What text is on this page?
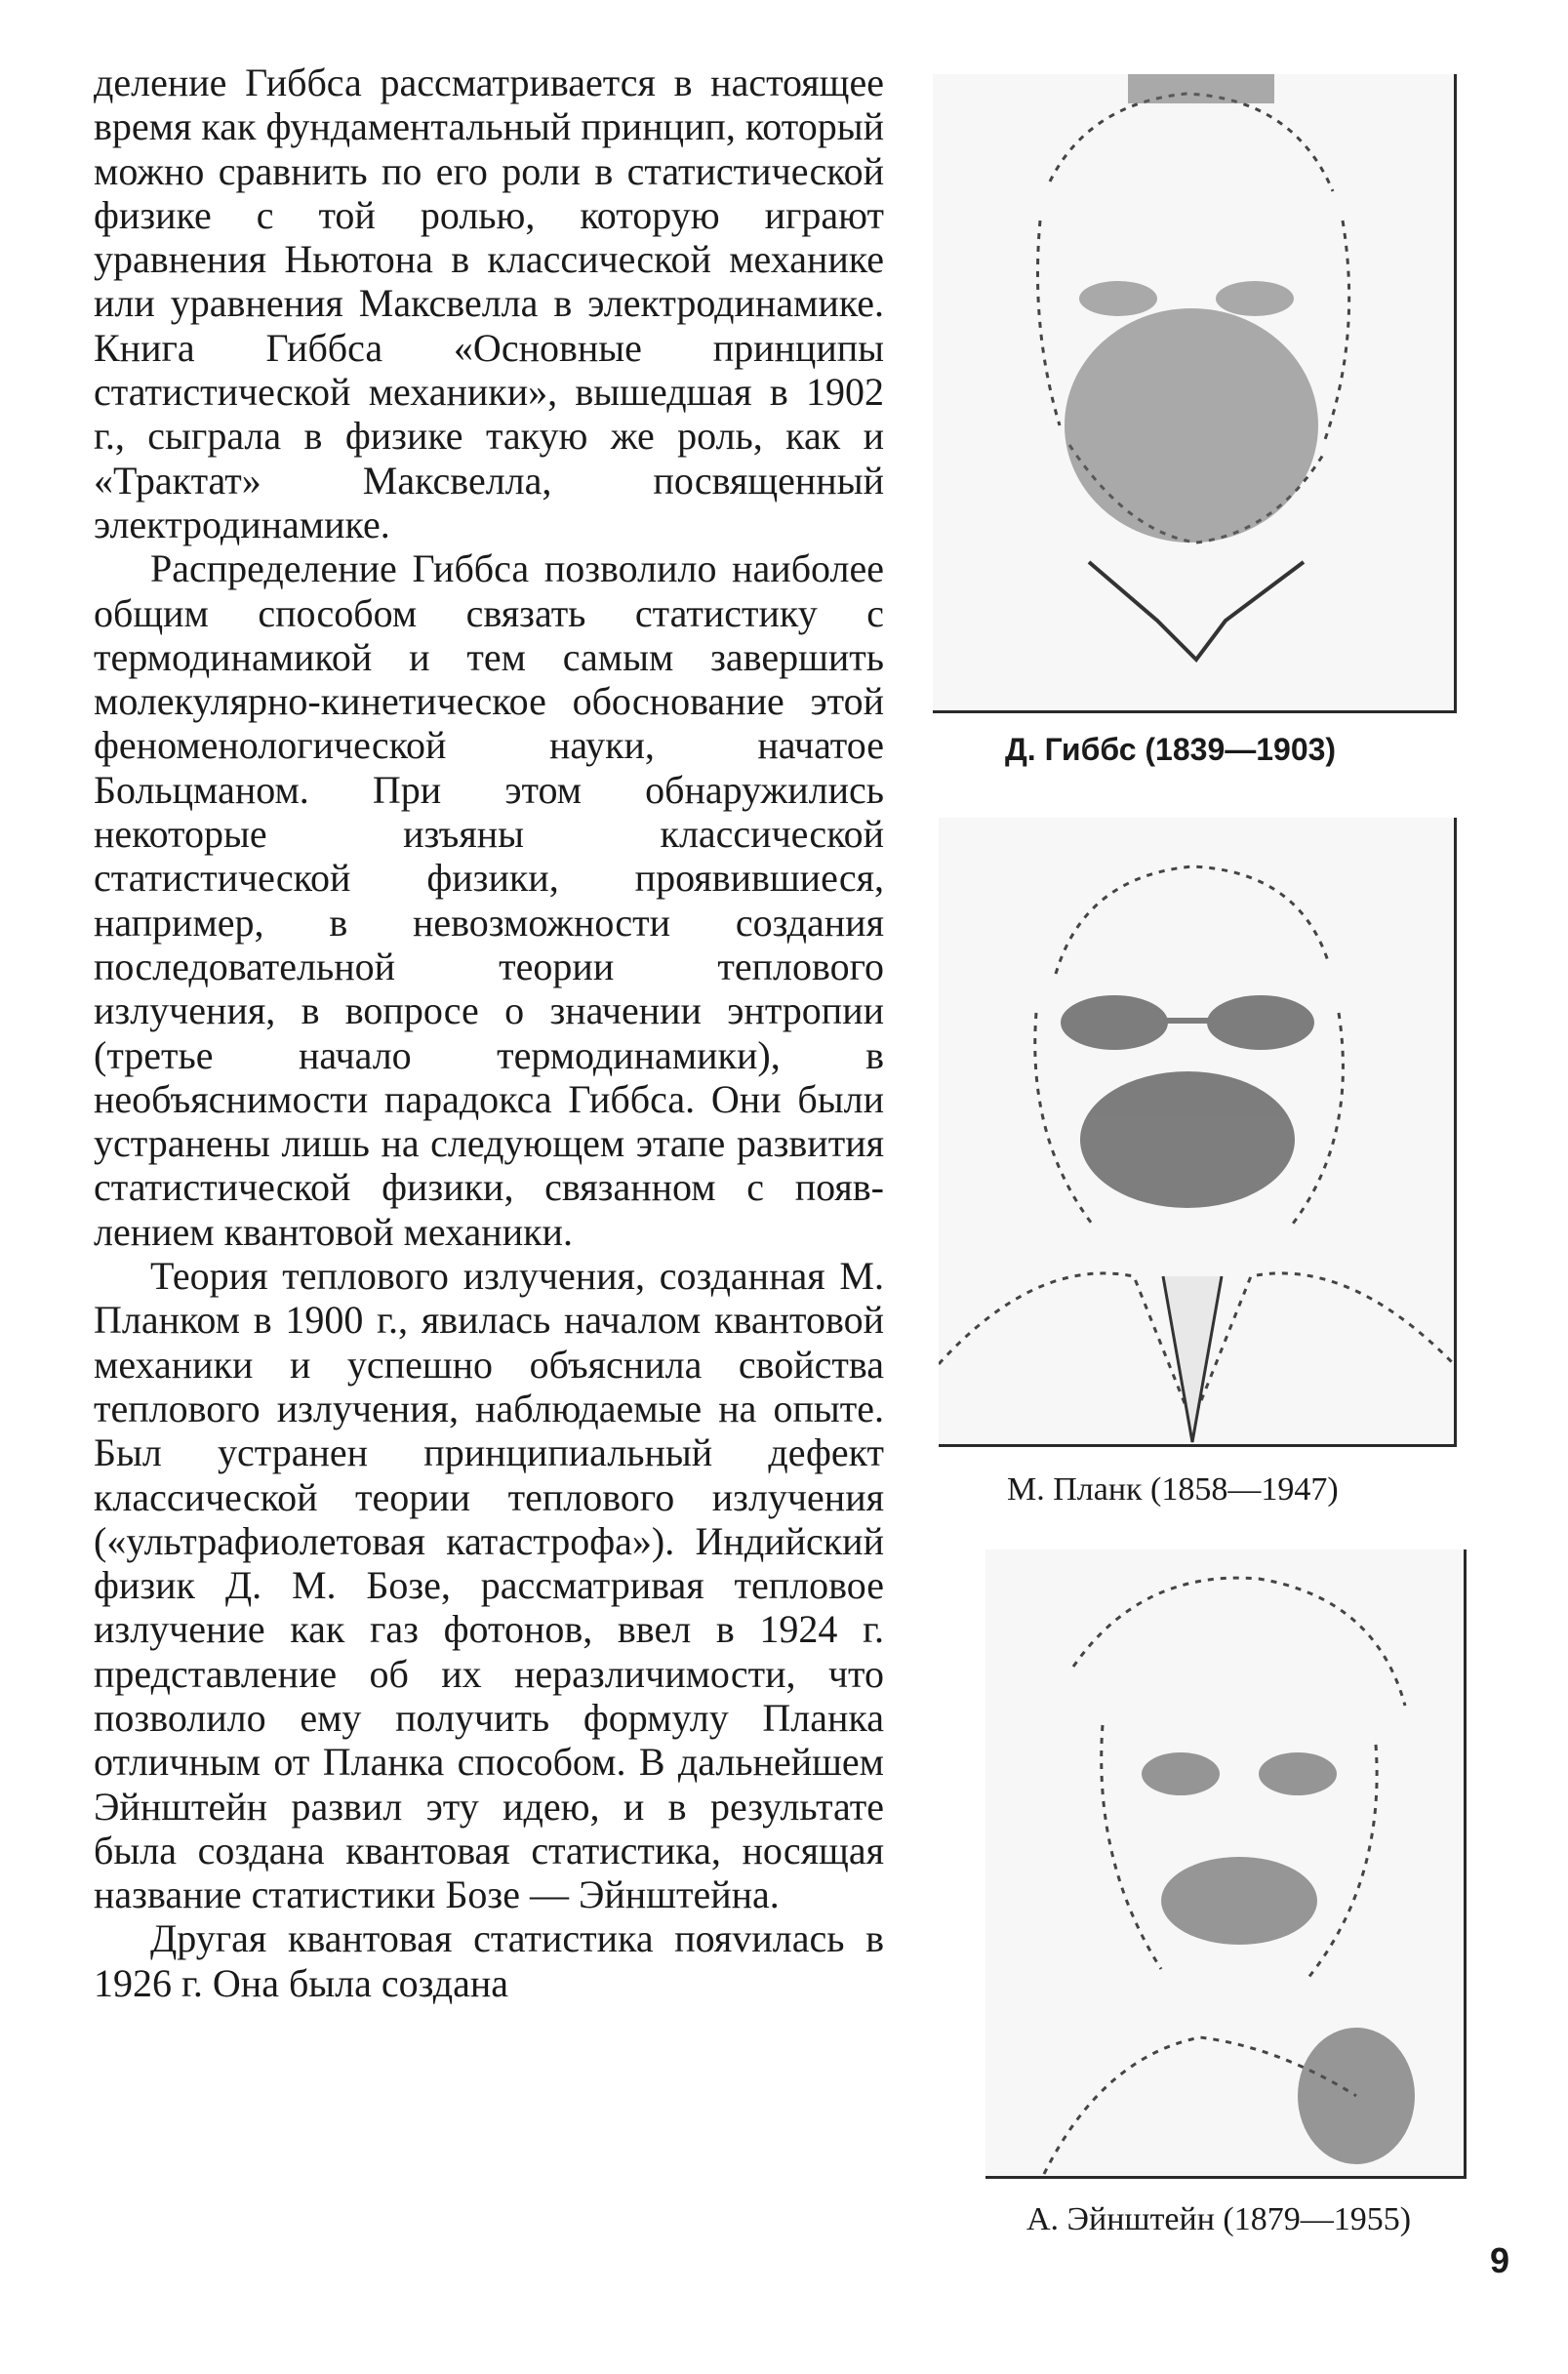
деление Гиббса рассматривается в настоящее время как фундаментальный принцип, который можно сравнить по его роли в статистической физике с той ролью, которую играют уравнения Ньютона в классической механике или уравнения Максвелла в электродинамике. Книга Гиббса «Основные принципы статистической механики», вышедшая в 1902 г., сыграла в физике такую же роль, как и «Трактат» Максвелла, посвященный электродинамике.

Распределение Гиббса позволило наиболее общим способом связать статистику с термодинамикой и тем самым завершить молекулярно-кинетическое обоснование этой феноменологической науки, начатое Больцманом. При этом обнаружились некоторые изъяны классической статистической физики, проявившиеся, например, в невозможности создания последовательной теории теплового излучения, в вопросе о значении энтропии (третье начало термодинамики), в необъяснимости парадокса Гиббса. Они были устранены лишь на следующем этапе развития статистической физики, связанном с появлением квантовой механики.

Теория теплового излучения, созданная М. Планком в 1900 г., явилась началом квантовой механики и успешно объяснила свойства теплового излучения, наблюдаемые на опыте. Был устранен принципиальный дефект классической теории теплового излучения («ультрафиолетовая катастрофа»). Индийский физик Д. М. Бозе, рассматривая тепловое излучение как газ фотонов, ввел в 1924 г. представление об их неразличимости, что позволило ему получить формулу Планка отличным от Планка способом. В дальнейшем Эйнштейн развил эту идею, и в результате была создана квантовая статистика, носящая название статистики Бозе — Эйнштейна.

Другая квантовая статистика пояvилась в 1926 г. Она была создана

Д. Гиббс (1839—1903)
М. Планк (1858—1947)
А. Эйнштейн (1879—1955)
9
